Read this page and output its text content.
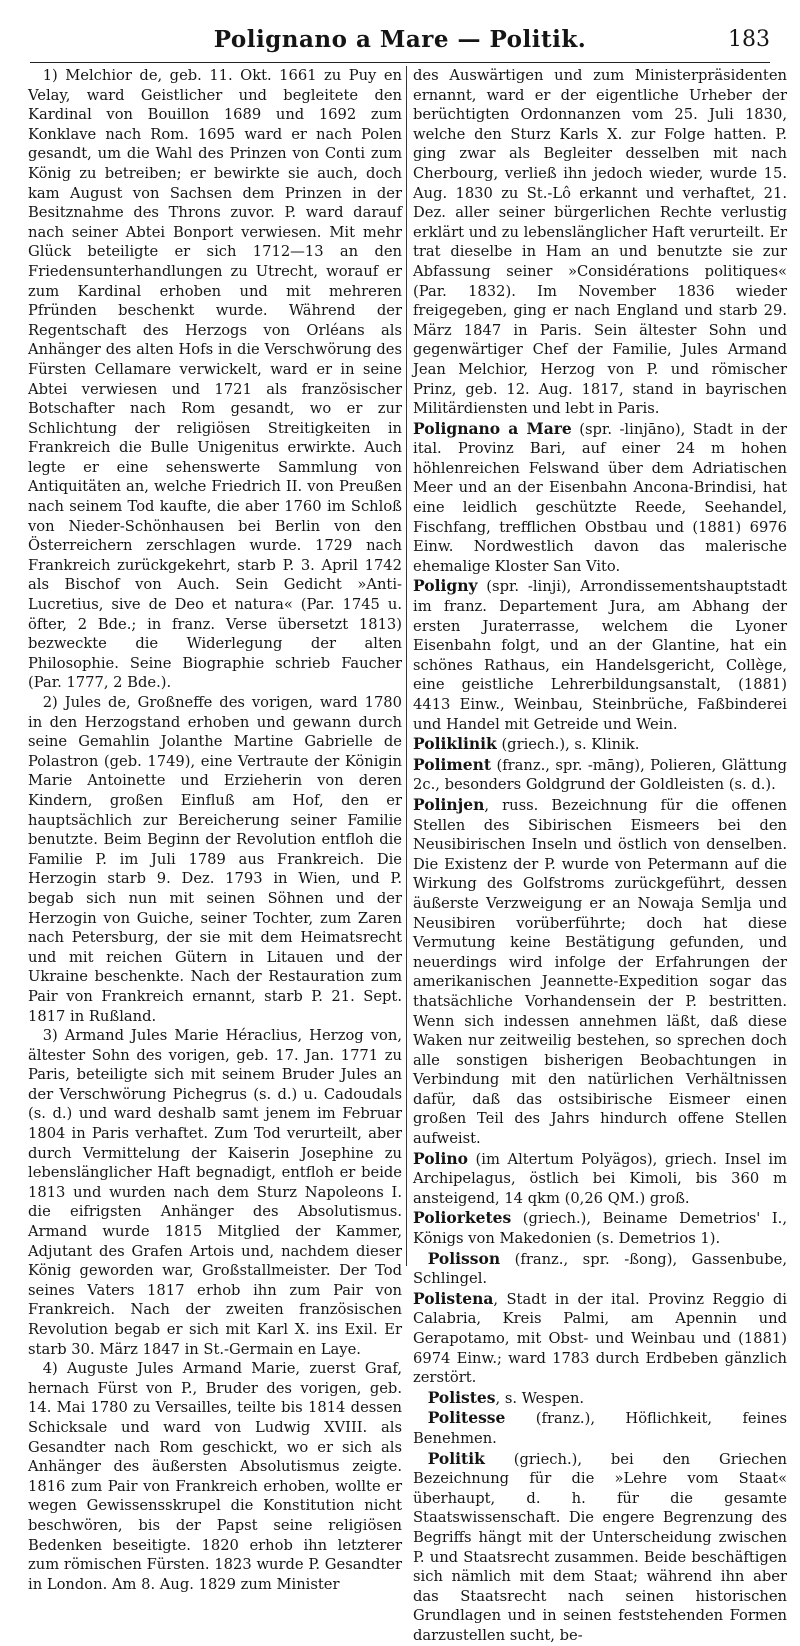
Polignano a Mare — Politik.	183

1) Melchior de, geb. 11. Okt. 1661 zu Puy en Velay, ward Geistlicher und begleitete den Kardinal von Bouillon 1689 und 1692 zum Konklave nach Rom. 1695 ward er nach Polen gesandt, um die Wahl des Prinzen von Conti zum König zu betreiben; er bewirkte sie auch, doch kam August von Sachsen dem Prinzen in der Besitznahme des Throns zuvor. P. ward darauf nach seiner Abtei Bonport verwiesen. Mit mehr Glück beteiligte er sich 1712—13 an den Friedensunterhandlungen zu Utrecht, worauf er zum Kardinal erhoben und mit mehreren Pfründen beschenkt wurde. Während der Regentschaft des Herzogs von Orléans als Anhänger des alten Hofs in die Verschwörung des Fürsten Cellamare verwickelt, ward er in seine Abtei verwiesen und 1721 als französischer Botschafter nach Rom gesandt, wo er zur Schlichtung der religiösen Streitigkeiten in Frankreich die Bulle Unigenitus erwirkte. Auch legte er eine sehenswerte Sammlung von Antiquitäten an, welche Friedrich II. von Preußen nach seinem Tod kaufte, die aber 1760 im Schloß von Nieder-Schönhausen bei Berlin von den Österreichern zerschlagen wurde. 1729 nach Frankreich zurückgekehrt, starb P. 3. April 1742 als Bischof von Auch. Sein Gedicht »Anti-Lucretius, sive de Deo et natura« (Par. 1745 u. öfter, 2 Bde.; in franz. Verse übersetzt 1813) bezweckte die Widerlegung der alten Philosophie. Seine Biographie schrieb Faucher (Par. 1777, 2 Bde.).

2) Jules de, Großneffe des vorigen, ward 1780 in den Herzogstand erhoben und gewann durch seine Gemahlin Jolanthe Martine Gabrielle de Polastron (geb. 1749), eine Vertraute der Königin Marie Antoinette und Erzieherin von deren Kindern, großen Einfluß am Hof, den er hauptsächlich zur Bereicherung seiner Familie benutzte. Beim Beginn der Revolution entfloh die Familie P. im Juli 1789 aus Frankreich. Die Herzogin starb 9. Dez. 1793 in Wien, und P. begab sich nun mit seinen Söhnen und der Herzogin von Guiche, seiner Tochter, zum Zaren nach Petersburg, der sie mit dem Heimatsrecht und mit reichen Gütern in Litauen und der Ukraine beschenkte. Nach der Restauration zum Pair von Frankreich ernannt, starb P. 21. Sept. 1817 in Rußland.

3) Armand Jules Marie Héraclius, Herzog von, ältester Sohn des vorigen, geb. 17. Jan. 1771 zu Paris, beteiligte sich mit seinem Bruder Jules an der Verschwörung Pichegrus (s. d.) u. Cadoudals (s. d.) und ward deshalb samt jenem im Februar 1804 in Paris verhaftet. Zum Tod verurteilt, aber durch Vermittelung der Kaiserin Josephine zu lebenslänglicher Haft begnadigt, entfloh er beide 1813 und wurden nach dem Sturz Napoleons I. die eifrigsten Anhänger des Absolutismus. Armand wurde 1815 Mitglied der Kammer, Adjutant des Grafen Artois und, nachdem dieser König geworden war, Großstallmeister. Der Tod seines Vaters 1817 erhob ihn zum Pair von Frankreich. Nach der zweiten französischen Revolution begab er sich mit Karl X. ins Exil. Er starb 30. März 1847 in St.-Germain en Laye.

4) Auguste Jules Armand Marie, zuerst Graf, hernach Fürst von P., Bruder des vorigen, geb. 14. Mai 1780 zu Versailles, teilte bis 1814 dessen Schicksale und ward von Ludwig XVIII. als Gesandter nach Rom geschickt, wo er sich als Anhänger des äußersten Absolutismus zeigte. 1816 zum Pair von Frankreich erhoben, wollte er wegen Gewissensskrupel die Konstitution nicht beschwören, bis der Papst seine religiösen Bedenken beseitigte. 1820 erhob ihn letzterer zum römischen Fürsten. 1823 wurde P. Gesandter in London. Am 8. Aug. 1829 zum Minister

des Auswärtigen und zum Ministerpräsidenten ernannt, ward er der eigentliche Urheber der berüchtigten Ordonnanzen vom 25. Juli 1830, welche den Sturz Karls X. zur Folge hatten. P. ging zwar als Begleiter desselben mit nach Cherbourg, verließ ihn jedoch wieder, wurde 15. Aug. 1830 zu St.-Lô erkannt und verhaftet, 21. Dez. aller seiner bürgerlichen Rechte verlustig erklärt und zu lebenslänglicher Haft verurteilt. Er trat dieselbe in Ham an und benutzte sie zur Abfassung seiner »Considérations politiques« (Par. 1832). Im November 1836 wieder freigegeben, ging er nach England und starb 29. März 1847 in Paris. Sein ältester Sohn und gegenwärtiger Chef der Familie, Jules Armand Jean Melchior, Herzog von P. und römischer Prinz, geb. 12. Aug. 1817, stand in bayrischen Militärdiensten und lebt in Paris.

Polignano a Mare (spr. -linjāno), Stadt in der ital. Provinz Bari, auf einer 24 m hohen höhlenreichen Felswand über dem Adriatischen Meer und an der Eisenbahn Ancona-Brindisi, hat eine leidlich geschützte Reede, Seehandel, Fischfang, trefflichen Obstbau und (1881) 6976 Einw. Nordwestlich davon das malerische ehemalige Kloster San Vito.

Poligny (spr. -linji), Arrondissementshauptstadt im franz. Departement Jura, am Abhang der ersten Juraterrasse, welchem die Lyoner Eisenbahn folgt, und an der Glantine, hat ein schönes Rathaus, ein Handelsgericht, Collège, eine geistliche Lehrerbildungsanstalt, (1881) 4413 Einw., Weinbau, Steinbrüche, Faßbinderei und Handel mit Getreide und Wein.

Poliklinik (griech.), s. Klinik.

Poliment (franz., spr. -māng), Polieren, Glättung 2c., besonders Goldgrund der Goldleisten (s. d.).

Polinjen, russ. Bezeichnung für die offenen Stellen des Sibirischen Eismeers bei den Neusibirischen Inseln und östlich von denselben. Die Existenz der P. wurde von Petermann auf die Wirkung des Golfstroms zurückgeführt, dessen äußerste Verzweigung er an Nowaja Semlja und Neusibiren vorüberführte; doch hat diese Vermutung keine Bestätigung gefunden, und neuerdings wird infolge der Erfahrungen der amerikanischen Jeannette-Expedition sogar das thatsächliche Vorhandensein der P. bestritten. Wenn sich indessen annehmen läßt, daß diese Waken nur zeitweilig bestehen, so sprechen doch alle sonstigen bisherigen Beobachtungen in Verbindung mit den natürlichen Verhältnissen dafür, daß das ostsibirische Eismeer einen großen Teil des Jahrs hindurch offene Stellen aufweist.

Polino (im Altertum Polyägos), griech. Insel im Archipelagus, östlich bei Kimoli, bis 360 m ansteigend, 14 qkm (0,26 QM.) groß.

Poliorketes (griech.), Beiname Demetrios' I., Königs von Makedonien (s. Demetrios 1).

Polisson (franz., spr. -ßong), Gassenbube, Schlingel.

Polistena, Stadt in der ital. Provinz Reggio di Calabria, Kreis Palmi, am Apennin und Gerapotamo, mit Obst- und Weinbau und (1881) 6974 Einw.; ward 1783 durch Erdbeben gänzlich zerstört.

Polistes, s. Wespen.

Politesse (franz.), Höflichkeit, feines Benehmen.

Politik (griech.), bei den Griechen Bezeichnung für die »Lehre vom Staat« überhaupt, d. h. für die gesamte Staatswissenschaft. Die engere Begrenzung des Begriffs hängt mit der Unterscheidung zwischen P. und Staatsrecht zusammen. Beide beschäftigen sich nämlich mit dem Staat; während ihn aber das Staatsrecht nach seinen historischen Grundlagen und in seinen feststehenden Formen darzustellen sucht, be-
